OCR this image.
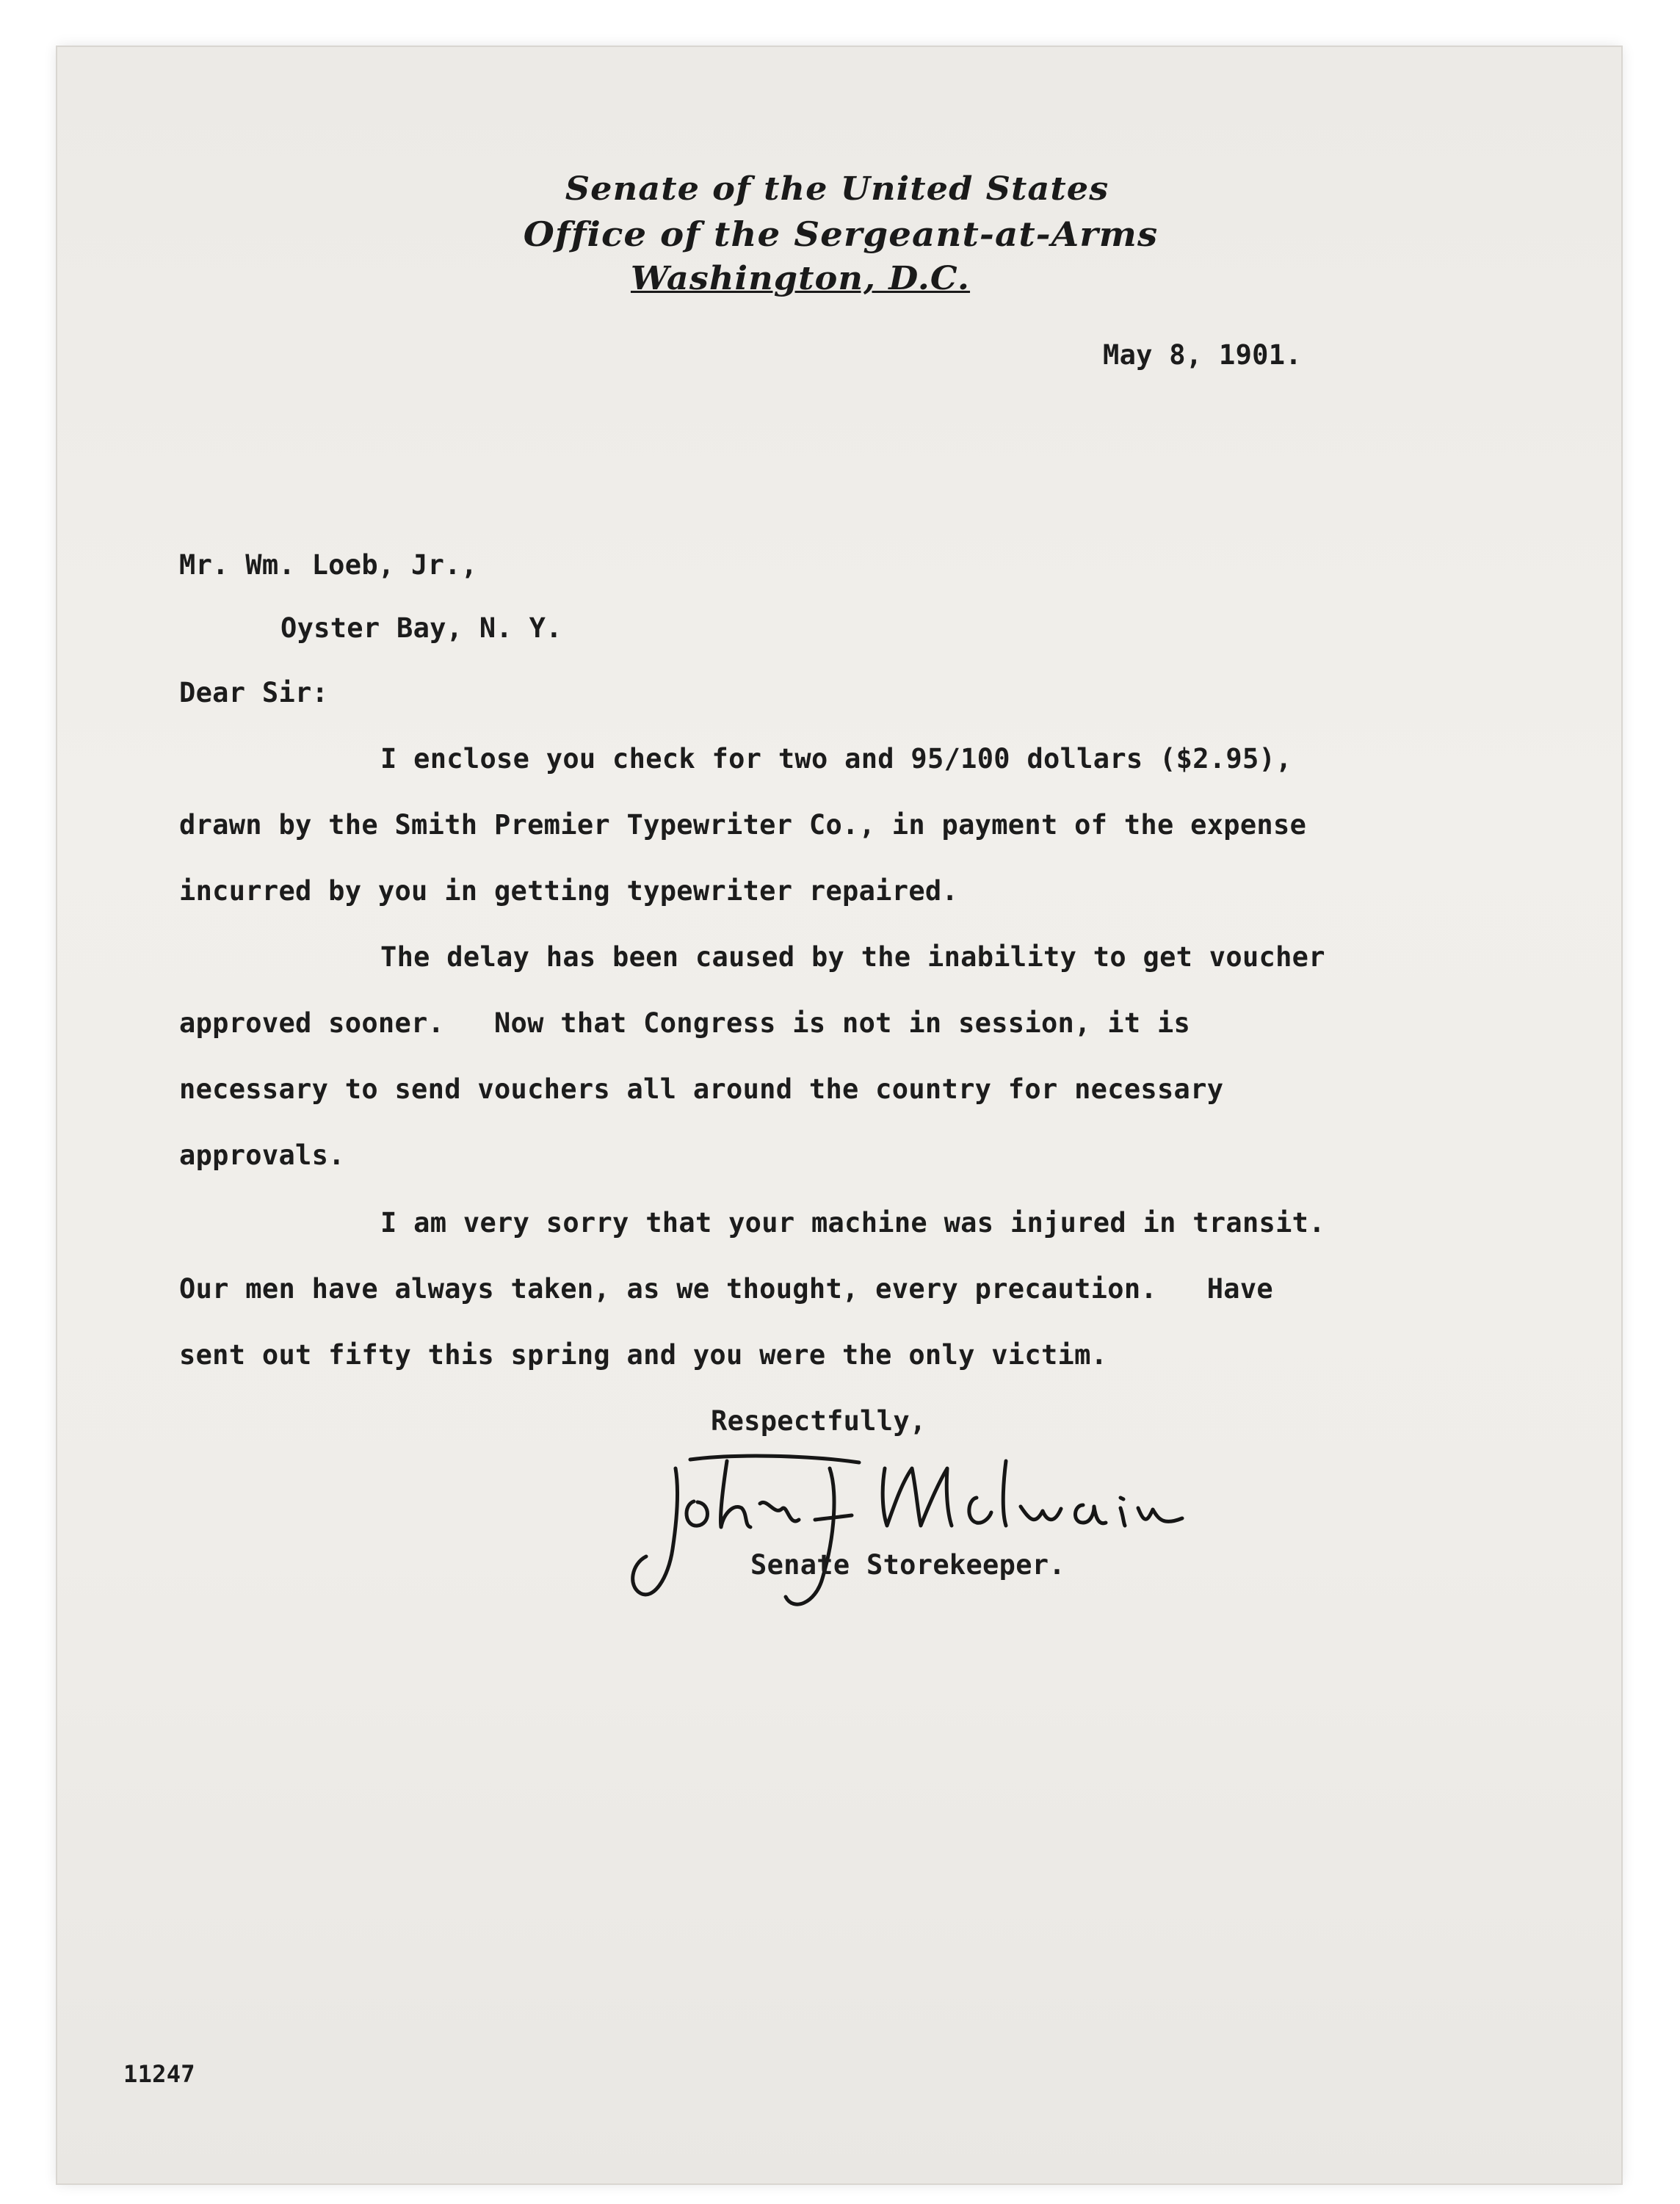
Senate of the United States
Office of the Sergeant-at-Arms
Washington, D.C.
May 8, 1901.
Mr. Wm. Loeb, Jr.,
Oyster Bay, N. Y.
Dear Sir:
I enclose you check for two and 95/100 dollars ($2.95),
drawn by the Smith Premier Typewriter Co., in payment of the expense
incurred by you in getting typewriter repaired.
The delay has been caused by the inability to get voucher
approved sooner.   Now that Congress is not in session, it is
necessary to send vouchers all around the country for necessary
approvals.
I am very sorry that your machine was injured in transit.
Our men have always taken, as we thought, every precaution.   Have
sent out fifty this spring and you were the only victim.
Respectfully,
Senate Storekeeper.
11247
